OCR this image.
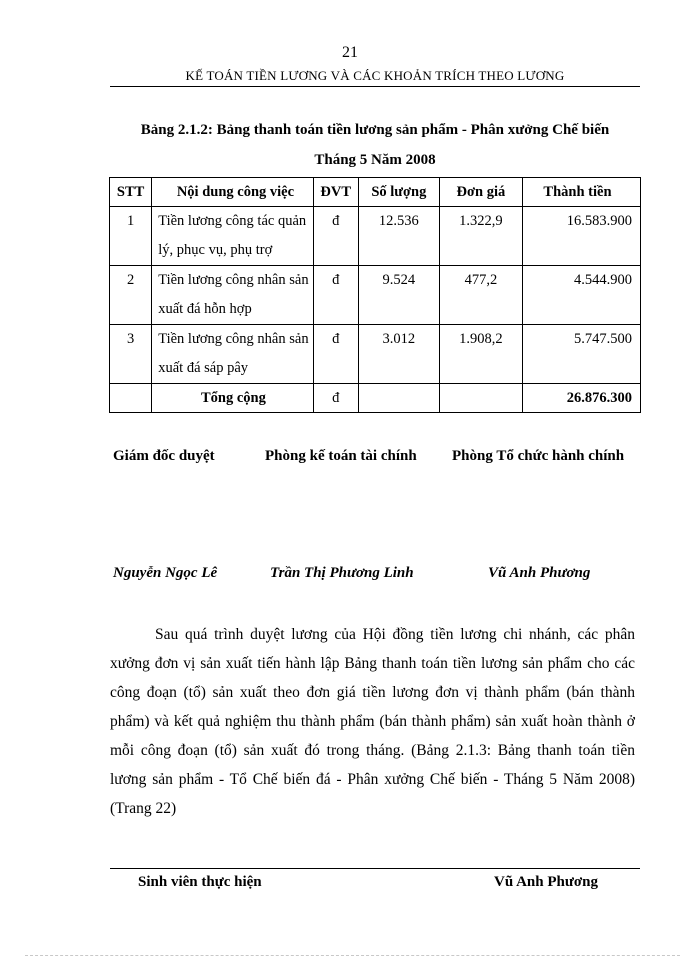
21
KẾ TOÁN TIỀN LƯƠNG VÀ CÁC KHOẢN TRÍCH THEO LƯƠNG
Bảng 2.1.2: Bảng thanh toán tiền lương sản phẩm - Phân xưởng Chế biến
Tháng 5 Năm 2008
STT	Nội dung công việc	ĐVT	Số lượng	Đơn giá	Thành tiền
1	Tiền lương công tác quản lý, phục vụ, phụ trợ	đ	12.536	1.322,9	16.583.900
2	Tiền lương công nhân sản xuất đá hỗn hợp	đ	9.524	477,2	4.544.900
3	Tiền lương công nhân sản xuất đá sáp pây	đ	3.012	1.908,2	5.747.500
	Tổng cộng	đ			26.876.300
Giám đốc duyệt	Phòng kế toán tài chính Phòng Tổ chức hành chính
Nguyễn Ngọc Lê	Trần Thị Phương Linh	Vũ Anh Phương
Sau quá trình duyệt lương của Hội đồng tiền lương chi nhánh, các phân xưởng đơn vị sản xuất tiến hành lập Bảng thanh toán tiền lương sản phẩm cho các công đoạn (tổ) sản xuất theo đơn giá tiền lương đơn vị thành phẩm (bán thành phẩm) và kết quả nghiệm thu thành phẩm (bán thành phẩm) sản xuất hoàn thành ở mỗi công đoạn (tổ) sản xuất đó trong tháng. (Bảng 2.1.3: Bảng thanh toán tiền lương sản phẩm - Tổ Chế biến đá - Phân xưởng Chế biến - Tháng 5 Năm 2008)(Trang 22)
Sinh viên thực hiện	Vũ Anh Phương
